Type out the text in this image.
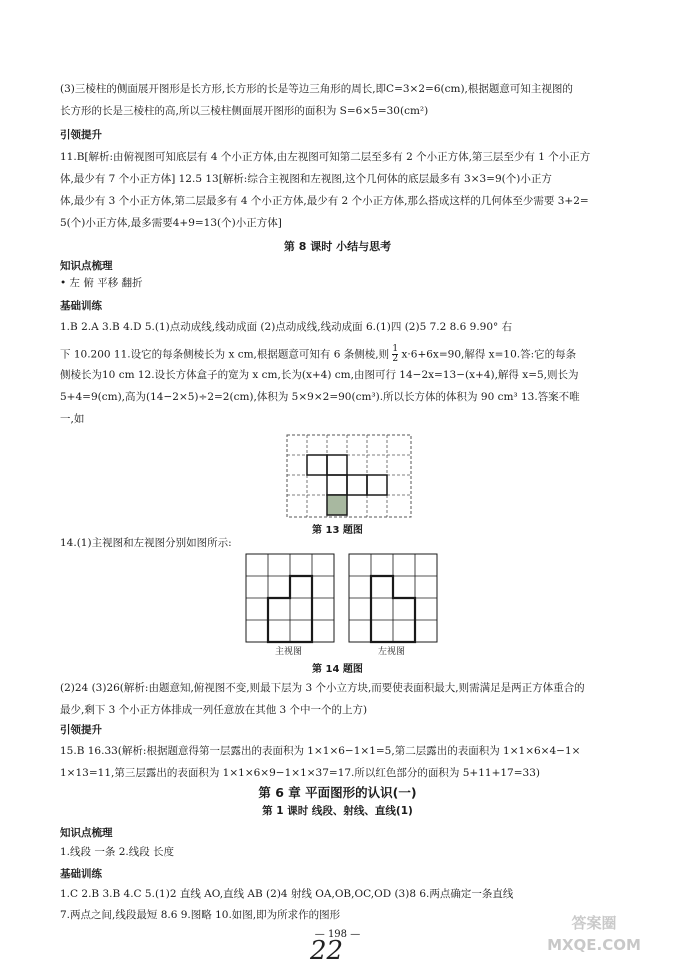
(3)三棱柱的侧面展开图形是长方形,长方形的长是等边三角形的周长,即C=3×2=6(cm),根据题意可知主视图的
长方形的长是三棱柱的高,所以三棱柱侧面展开图形的面积为 S=6×5=30(cm²)
引领提升
11.B[解析:由俯视图可知底层有 4 个小正方体,由左视图可知第二层至多有 2 个小正方体,第三层至少有 1 个小正方
体,最少有 7 个小正方体] 12.5 13[解析:综合主视图和左视图,这个几何体的底层最多有 3×3=9(个)小正方
体,最少有 3 个小正方体,第二层最多有 4 个小正方体,最少有 2 个小正方体,那么搭成这样的几何体至少需要 3+2=
5(个)小正方体,最多需要4+9=13(个)小正方体]
第 8 课时 小结与思考
知识点梳理
• 左 俯 平移 翻折
基础训练
1.B 2.A 3.B 4.D 5.(1)点动成线,线动成面 (2)点动成线,线动成面 6.(1)四 (2)5 7.2 8.6 9.90° 右
下 10.200 11.设它的每条侧棱长为 x cm,根据题意可知有 6 条侧棱,则 $\frac{1}{2} x\cdot 6+6x=90$,解得 x=10.答:它的每条
侧棱长为10 cm 12.设长方体盒子的宽为 x cm,长为(x+4) cm,由图可行 14−2x=13−(x+4),解得 x=5,则长为
5+4=9(cm),高为(14−2×5)÷2=2(cm),体积为 5×9×2=90(cm³).所以长方体的体积为 90 cm³ 13.答案不唯
一,如
第 13 题图
14.(1)主视图和左视图分别如图所示:
主视图	左视图
第 14 题图
(2)24 (3)26(解析:由题意知,俯视图不变,则最下层为 3 个小立方块,而要使表面积最大,则需满足是两正方体重合的
最少,剩下 3 个小正方体排成一列任意放在其他 3 个中一个的上方)
引领提升
15.B 16.33(解析:根据题意得第一层露出的表面积为 1×1×6−1×1=5,第二层露出的表面积为 1×1×6×4−1×
1×13=11,第三层露出的表面积为 1×1×6×9−1×1×37=17.所以红色部分的面积为 5+11+17=33)
第 6 章 平面图形的认识(一)
第 1 课时 线段、射线、直线(1)
知识点梳理
1.线段 一条 2.线段 长度
基础训练
1.C 2.B 3.B 4.C 5.(1)2 直线 AO,直线 AB (2)4 射线 OA,OB,OC,OD (3)8 6.两点确定一条直线
7.两点之间,线段最短 8.6 9.图略 10.如图,即为所求作的图形
— 198 —
22
答案圈 MXQE.COM
